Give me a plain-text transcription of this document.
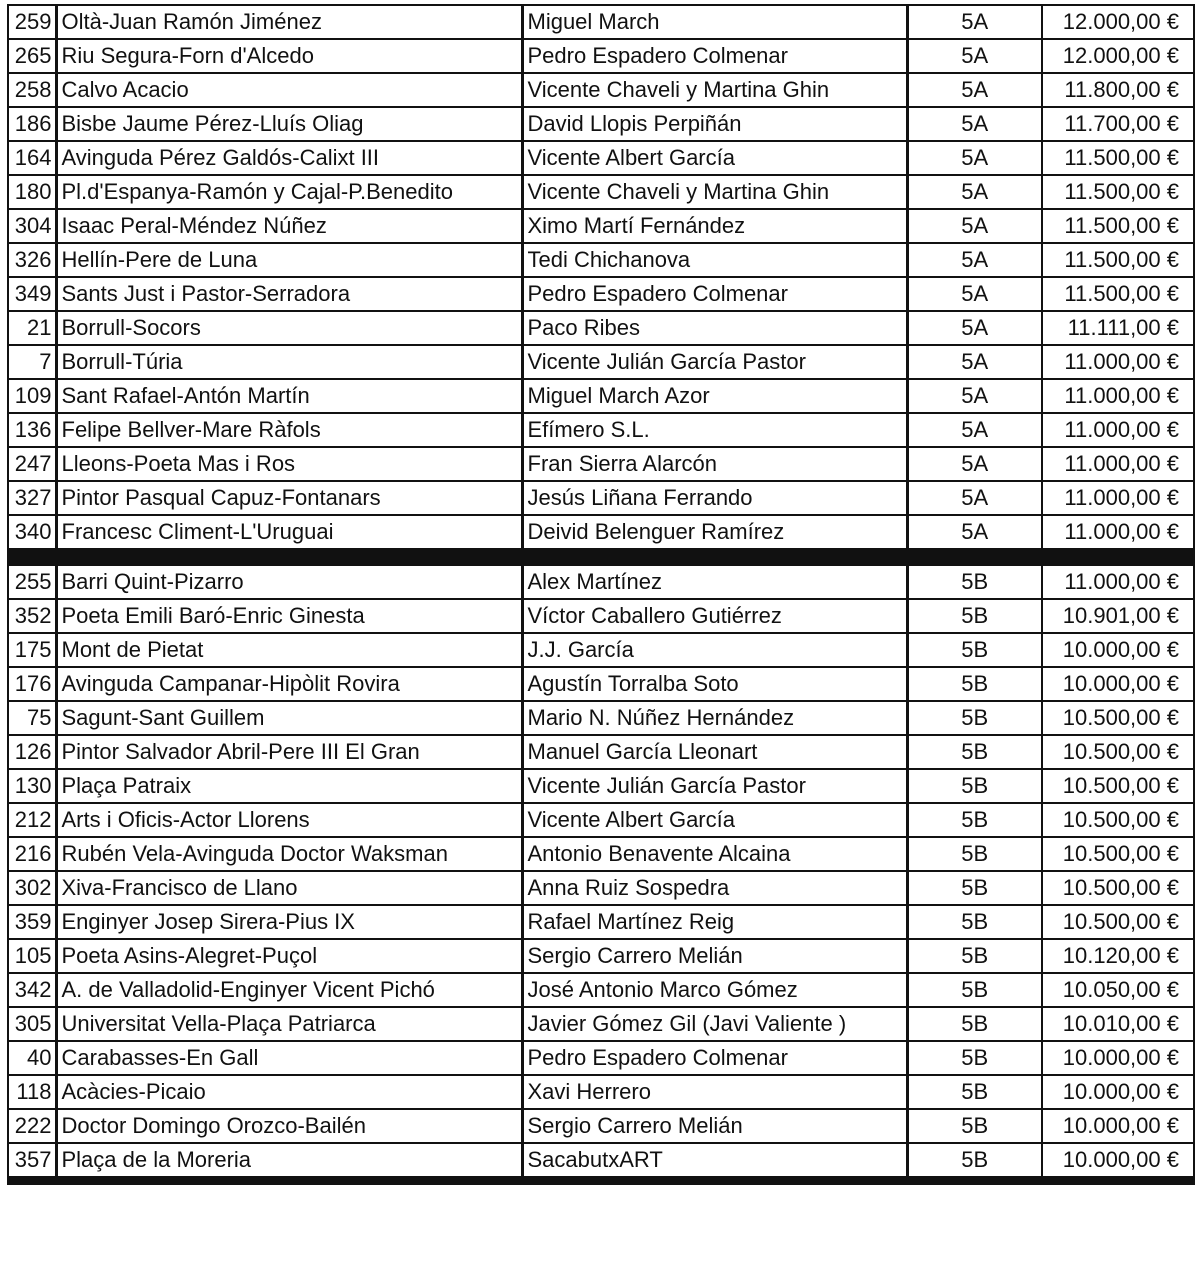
259	Oltà-Juan Ramón Jiménez	Miguel March	5A	12.000,00 €
265	Riu Segura-Forn d'Alcedo	Pedro Espadero Colmenar	5A	12.000,00 €
258	Calvo Acacio	Vicente Chaveli y Martina Ghin	5A	11.800,00 €
186	Bisbe Jaume Pérez-Lluís Oliag	David Llopis Perpiñán	5A	11.700,00 €
164	Avinguda Pérez Galdós-Calixt III	Vicente Albert García	5A	11.500,00 €
180	Pl.d'Espanya-Ramón y Cajal-P.Benedito	Vicente Chaveli y Martina Ghin	5A	11.500,00 €
304	Isaac Peral-Méndez Núñez	Ximo Martí Fernández	5A	11.500,00 €
326	Hellín-Pere de Luna	Tedi Chichanova	5A	11.500,00 €
349	Sants Just i Pastor-Serradora	Pedro Espadero Colmenar	5A	11.500,00 €
21	Borrull-Socors	Paco Ribes	5A	11.111,00 €
7	Borrull-Túria	Vicente Julián García Pastor	5A	11.000,00 €
109	Sant Rafael-Antón Martín	Miguel March Azor	5A	11.000,00 €
136	Felipe Bellver-Mare Ràfols	Efímero S.L.	5A	11.000,00 €
247	Lleons-Poeta Mas i Ros	Fran Sierra Alarcón	5A	11.000,00 €
327	Pintor Pasqual Capuz-Fontanars	Jesús Liñana Ferrando	5A	11.000,00 €
340	Francesc Climent-L'Uruguai	Deivid Belenguer Ramírez	5A	11.000,00 €

255	Barri Quint-Pizarro	Alex Martínez	5B	11.000,00 €
352	Poeta Emili Baró-Enric Ginesta	Víctor Caballero Gutiérrez	5B	10.901,00 €
175	Mont de Pietat	J.J. García	5B	10.000,00 €
176	Avinguda Campanar-Hipòlit Rovira	Agustín Torralba Soto	5B	10.000,00 €
75	Sagunt-Sant Guillem	Mario N. Núñez Hernández	5B	10.500,00 €
126	Pintor Salvador Abril-Pere III El Gran	Manuel García Lleonart	5B	10.500,00 €
130	Plaça Patraix	Vicente Julián García Pastor	5B	10.500,00 €
212	Arts i Oficis-Actor Llorens	Vicente Albert García	5B	10.500,00 €
216	Rubén Vela-Avinguda Doctor Waksman	Antonio Benavente Alcaina	5B	10.500,00 €
302	Xiva-Francisco de Llano	Anna Ruiz Sospedra	5B	10.500,00 €
359	Enginyer Josep Sirera-Pius IX	Rafael Martínez Reig	5B	10.500,00 €
105	Poeta Asins-Alegret-Puçol	Sergio Carrero Melián	5B	10.120,00 €
342	A. de Valladolid-Enginyer Vicent Pichó	José Antonio Marco Gómez	5B	10.050,00 €
305	Universitat Vella-Plaça Patriarca	Javier Gómez Gil (Javi Valiente )	5B	10.010,00 €
40	Carabasses-En Gall	Pedro Espadero Colmenar	5B	10.000,00 €
118	Acàcies-Picaio	Xavi Herrero	5B	10.000,00 €
222	Doctor Domingo Orozco-Bailén	Sergio Carrero Melián	5B	10.000,00 €
357	Plaça de la Moreria	SacabutxART	5B	10.000,00 €
